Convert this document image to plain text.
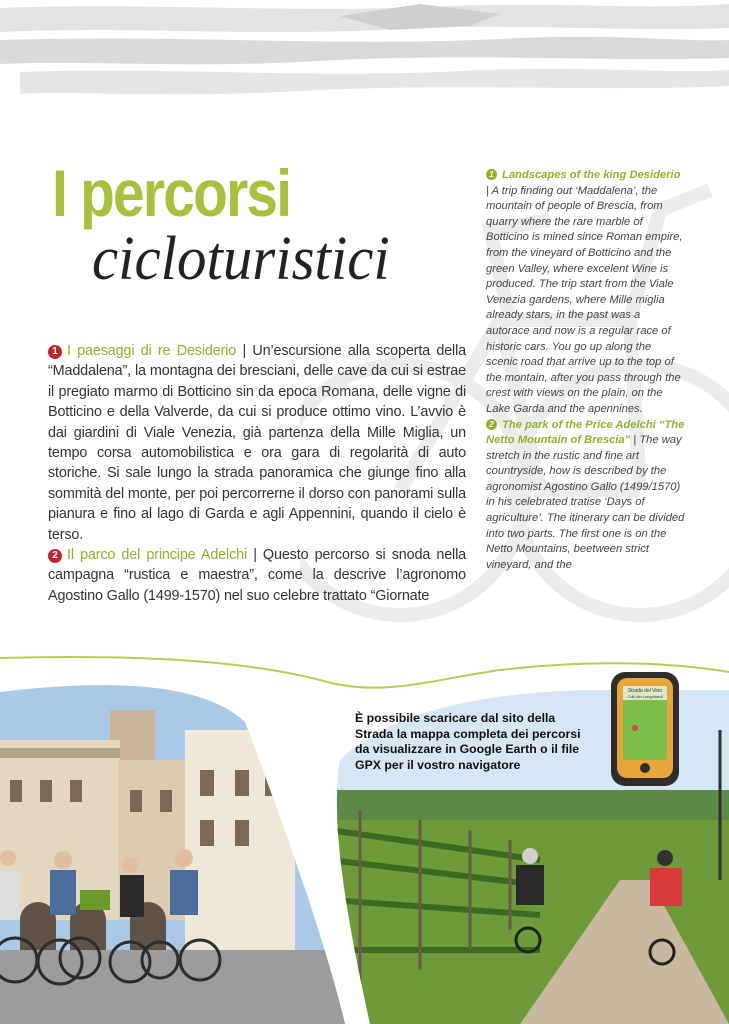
I percorsi
cicloturistici

1 I paesaggi di re Desiderio | Un’escursione alla scoperta della “Maddalena”, la montagna dei bresciani, delle cave da cui si estrae il pregiato marmo di Botticino sin da epoca Romana, delle vigne di Botticino e della Valverde, da cui si produce ottimo vino. L’avvio è dai giardini di Viale Venezia, già partenza della Mille Miglia, un tempo corsa automobilistica e ora gara di regolarità di auto storiche. Si sale lungo la strada panoramica che giunge fino alla sommità del monte, per poi percorrerne il dorso con panorami sulla pianura e fino al lago di Garda e agli Appennini, quando il cielo è terso.

2 Il parco del principe Adelchi | Questo percorso si snoda nella campagna “rustica e maestra”, come la descrive l’agronomo Agostino Gallo (1499-1570) nel suo celebre trattato “Giornate

1 Landscapes of the king Desiderio | A trip finding out ‘Maddalena’, the mountain of people of Brescia, from quarry where the rare marble of Botticino is mined since Roman empire, from the vineyard of Botticino and the green Valley, where excelent Wine is produced. The trip start from the Viale Venezia gardens, where Mille miglia already stars, in the past was a autorace and now is a regular race of historic cars. You go up along the scenic road that arrive up to the top of the montain, after you pass through the crest with views on the plain, on the Lake Garda and the apennines.

2 The park of the Price Adelchi “The Netto Mountain of Brescia” | The way stretch in the rustic and fine art countryside, how is described by the agronomist Agostino Gallo (1499/1570) in his celebrated tratise ‘Days of agriculture’. The itinerary can be divided into two parts. The first one is on the Netto Mountains, beetween strict vineyard, and the

È possibile scaricare dal sito della Strada la mappa completa dei percorsi da visualizzare in Google Earth o il file GPX per il vostro navigatore
Strada del Vino
Colli dei Longobardi
